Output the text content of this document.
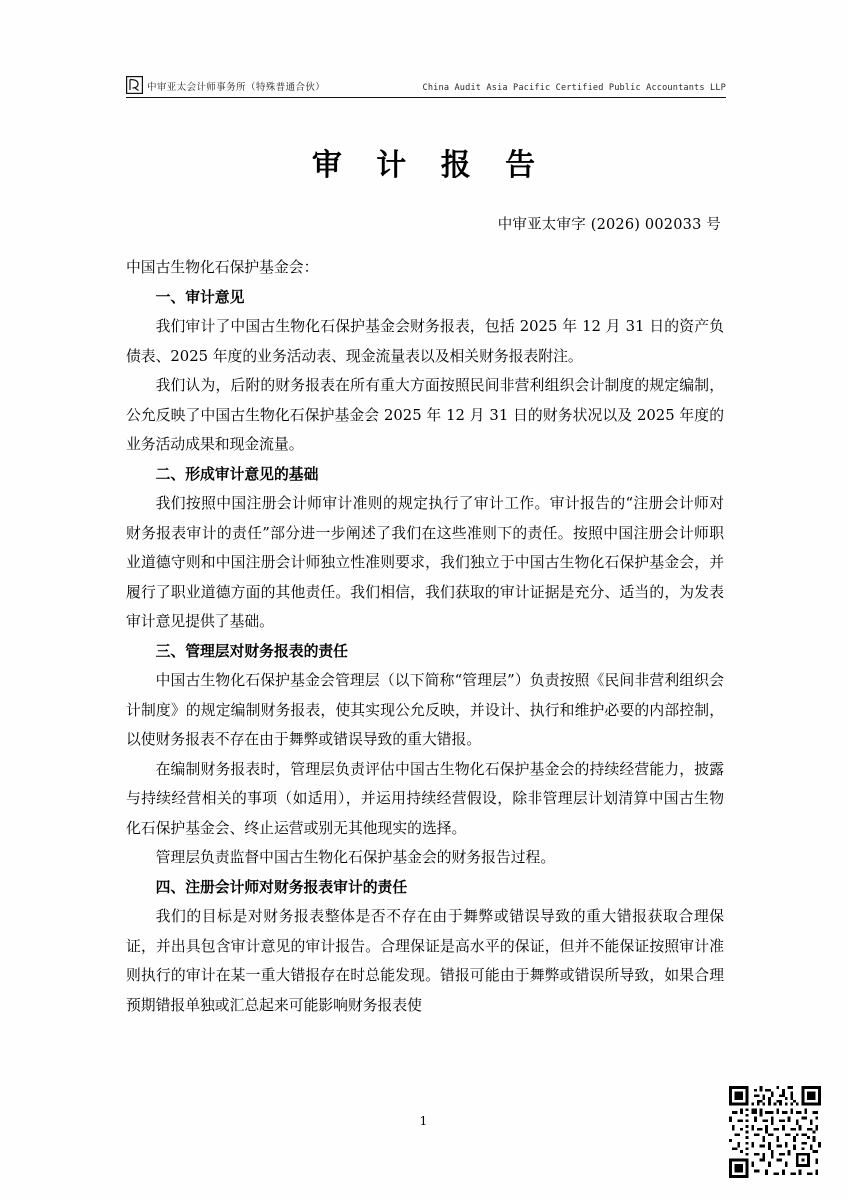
中审亚太会计师事务所（特殊普通合伙）	China Audit Asia Pacific Certified Public Accountants LLP
审 计 报 告
中审亚太审字 (2026) 002033 号

中国古生物化石保护基金会：

一、审计意见

我们审计了中国古生物化石保护基金会财务报表，包括 2025 年 12 月 31 日的资产负债表、2025 年度的业务活动表、现金流量表以及相关财务报表附注。

我们认为，后附的财务报表在所有重大方面按照民间非营利组织会计制度的规定编制，公允反映了中国古生物化石保护基金会 2025 年 12 月 31 日的财务状况以及 2025 年度的业务活动成果和现金流量。

二、形成审计意见的基础

我们按照中国注册会计师审计准则的规定执行了审计工作。审计报告的“注册会计师对财务报表审计的责任”部分进一步阐述了我们在这些准则下的责任。按照中国注册会计师职业道德守则和中国注册会计师独立性准则要求，我们独立于中国古生物化石保护基金会，并履行了职业道德方面的其他责任。我们相信，我们获取的审计证据是充分、适当的，为发表审计意见提供了基础。

三、管理层对财务报表的责任

中国古生物化石保护基金会管理层（以下简称“管理层”）负责按照《民间非营利组织会计制度》的规定编制财务报表，使其实现公允反映，并设计、执行和维护必要的内部控制，以使财务报表不存在由于舞弊或错误导致的重大错报。

在编制财务报表时，管理层负责评估中国古生物化石保护基金会的持续经营能力，披露与持续经营相关的事项（如适用），并运用持续经营假设，除非管理层计划清算中国古生物化石保护基金会、终止运营或别无其他现实的选择。

管理层负责监督中国古生物化石保护基金会的财务报告过程。

四、注册会计师对财务报表审计的责任

我们的目标是对财务报表整体是否不存在由于舞弊或错误导致的重大错报获取合理保证，并出具包含审计意见的审计报告。合理保证是高水平的保证，但并不能保证按照审计准则执行的审计在某一重大错报存在时总能发现。错报可能由于舞弊或错误所导致，如果合理预期错报单独或汇总起来可能影响财务报表使

1
